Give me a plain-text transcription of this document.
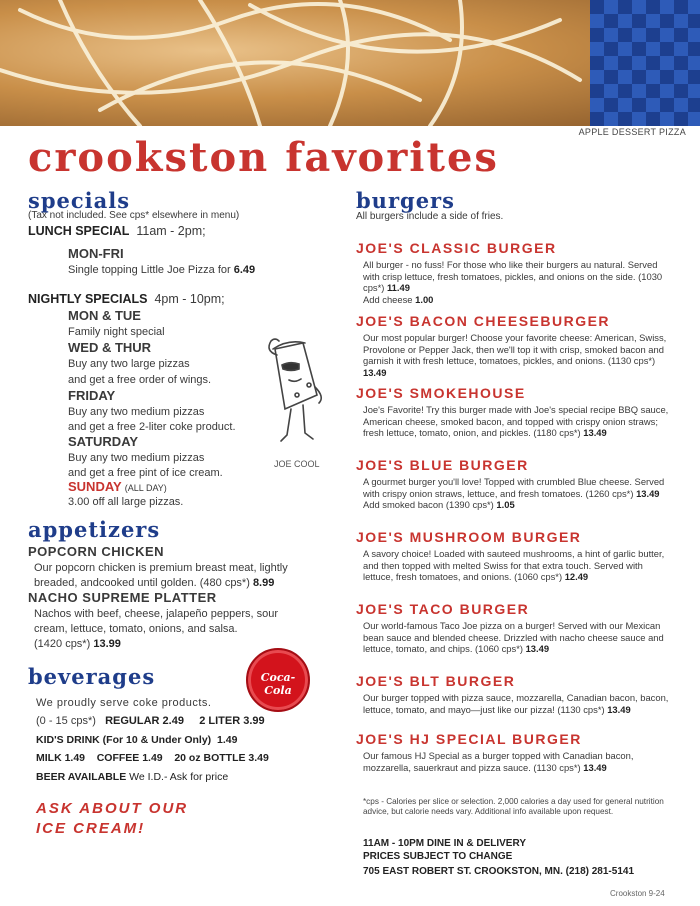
APPLE DESSERT PIZZA
crookston favorites
specials
(Tax not included. See cps* elsewhere in menu)
LUNCH SPECIAL 11am - 2pm;
MON-FRI
Single topping Little Joe Pizza for 6.49
NIGHTLY SPECIALS 4pm - 10pm;
MON & TUE
Family night special
WED & THUR
Buy any two large pizzas
and get a free order of wings.
FRIDAY
Buy any two medium pizzas
and get a free 2-liter coke product.
SATURDAY
Buy any two medium pizzas
and get a free pint of ice cream.
SUNDAY (ALL DAY)
3.00 off all large pizzas.
JOE COOL
appetizers
POPCORN CHICKEN
Our popcorn chicken is premium breast meat, lightly
breaded, andcooked until golden. (480 cps*) 8.99
NACHO SUPREME PLATTER
Nachos with beef, cheese, jalapeño peppers, sour
cream, lettuce, tomato, onions, and salsa.
(1420 cps*) 13.99
beverages	Coca-Cola
We proudly serve coke products.
(0 - 15 cps*) REGULAR 2.49 2 LITER 3.99
KID'S DRINK (For 10 & Under Only) 1.49
MILK 1.49 COFFEE 1.49 20 oz BOTTLE 3.49
BEER AVAILABLE We I.D.- Ask for price
ASK ABOUT OUR
ICE CREAM!
burgers
All burgers include a side of fries.
JOE'S CLASSIC BURGER
All burger - no fuss! For those who like their burgers au natural. Served with crisp lettuce, fresh tomatoes, pickles, and onions on the side. (1030 cps*) 11.49
Add cheese 1.00
JOE'S BACON CHEESEBURGER
Our most popular burger! Choose your favorite cheese: American, Swiss, Provolone or Pepper Jack, then we'll top it with crisp, smoked bacon and garnish it with fresh lettuce, tomatoes, pickles, and onions. (1130 cps*) 13.49
JOE'S SMOKEHOUSE
Joe's Favorite! Try this burger made with Joe's special recipe BBQ sauce, American cheese, smoked bacon, and topped with crispy onion straws; fresh lettuce, tomato, onion, and pickles. (1180 cps*) 13.49
JOE'S BLUE BURGER
A gourmet burger you'll love! Topped with crumbled Blue cheese. Served with crispy onion straws, lettuce, and fresh tomatoes. (1260 cps*) 13.49
Add smoked bacon (1390 cps*) 1.05
JOE'S MUSHROOM BURGER
A savory choice! Loaded with sauteed mushrooms, a hint of garlic butter, and then topped with melted Swiss for that extra touch. Served with lettuce, fresh tomatoes, and onions. (1060 cps*) 12.49
JOE'S TACO BURGER
Our world-famous Taco Joe pizza on a burger! Served with our Mexican bean sauce and blended cheese. Drizzled with nacho cheese sauce and lettuce, tomato, and chips. (1060 cps*) 13.49
JOE'S BLT BURGER
Our burger topped with pizza sauce, mozzarella, Canadian bacon, bacon, lettuce, tomato, and mayo—just like our pizza! (1130 cps*) 13.49
JOE'S HJ SPECIAL BURGER
Our famous HJ Special as a burger topped with Canadian bacon, mozzarella, sauerkraut and pizza sauce. (1130 cps*) 13.49
*cps - Calories per slice or selection. 2,000 calories a day used for general nutrition advice, but calorie needs vary. Additional info available upon request.
11AM - 10PM DINE IN & DELIVERY
PRICES SUBJECT TO CHANGE
705 EAST ROBERT ST. CROOKSTON, MN. (218) 281-5141
Crookston 9-24
